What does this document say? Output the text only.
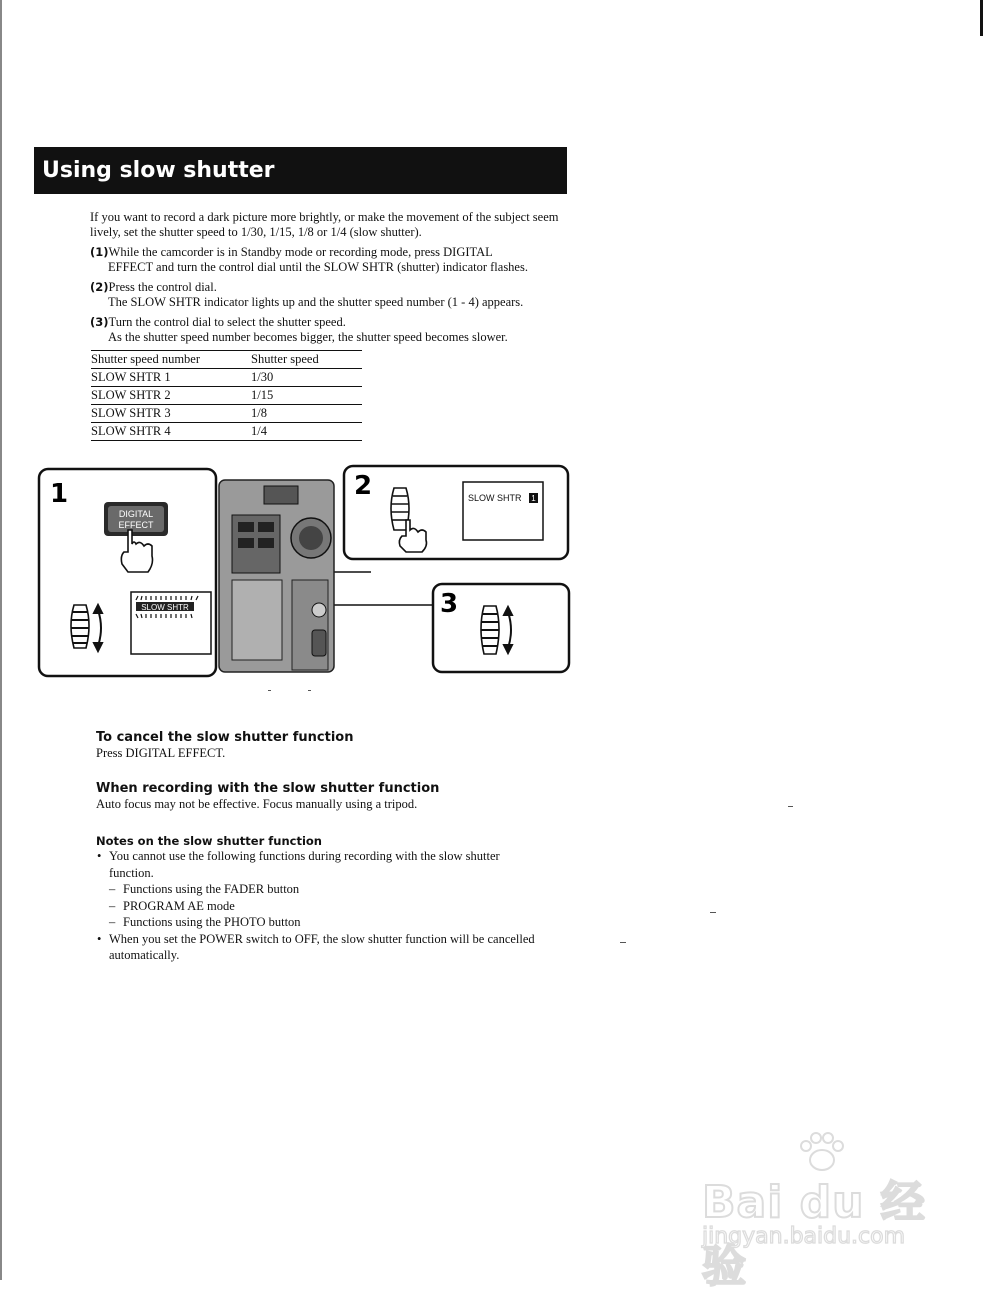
Using slow shutter
If you want to record a dark picture more brightly, or make the movement of the subject seem lively, set the shutter speed to 1/30, 1/15, 1/8 or 1/4 (slow shutter).
(1)While the camcorder is in Standby mode or recording mode, press DIGITAL
EFFECT and turn the control dial until the SLOW SHTR (shutter) indicator flashes.
(2)Press the control dial.
The SLOW SHTR indicator lights up and the shutter speed number (1 - 4) appears.
(3)Turn the control dial to select the shutter speed.
As the shutter speed number becomes bigger, the shutter speed becomes slower.
Shutter speed number	Shutter speed
SLOW SHTR 1	1/30
SLOW SHTR 2	1/15
SLOW SHTR 3	1/8
SLOW SHTR 4	1/4
1
DIGITAL
EFFECT
SLOW SHTR
2	SLOW SHTR 1
3
To cancel the slow shutter function
Press DIGITAL EFFECT.
When recording with the slow shutter function
Auto focus may not be effective. Focus manually using a tripod.
Notes on the slow shutter function
• You cannot use the following functions during recording with the slow shutter
function.
– Functions using the FADER button
– PROGRAM AE mode
– Functions using the PHOTO button
• When you set the POWER switch to OFF, the slow shutter function will be cancelled
automatically.
Bai du 经验
jingyan.baidu.com
